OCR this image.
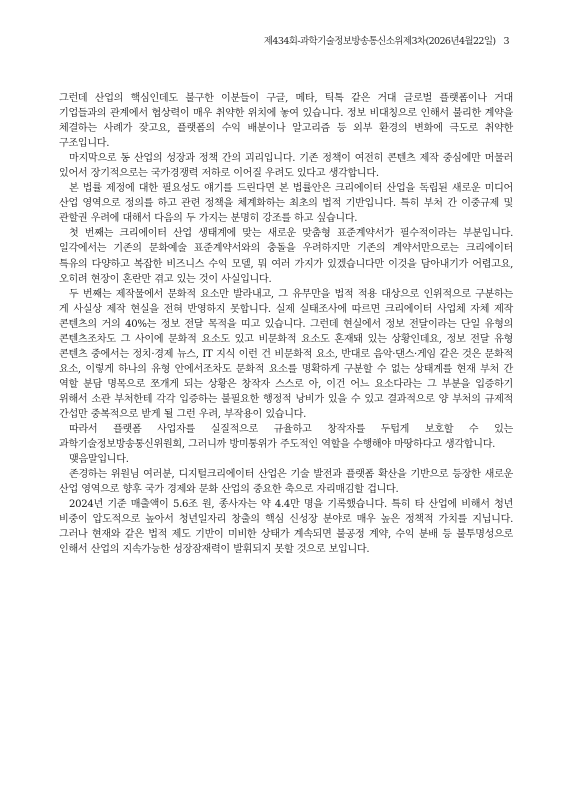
제434회-과학기술정보방송통신소위제3차(2026년4월22일) 3

그런데 산업의 핵심인데도 불구한 이분들이 구글, 메타, 틱톡 같은 거대 글로벌 플랫폼이나 거대 기업들과의 관계에서 협상력이 매우 취약한 위치에 놓여 있습니다. 정보 비대칭으로 인해서 불리한 계약을 체결하는 사례가 잦고요, 플랫폼의 수익 배분이나 알고리즘 등 외부 환경의 변화에 극도로 취약한 구조입니다.

마지막으로 동 산업의 성장과 정책 간의 괴리입니다. 기존 정책이 여전히 콘텐츠 제작 중심에만 머물러 있어서 장기적으로는 국가경쟁력 저하로 이어질 우려도 있다고 생각합니다.

본 법률 제정에 대한 필요성도 얘기를 드린다면 본 법률안은 크리에이터 산업을 독립된 새로운 미디어 산업 영역으로 정의를 하고 관련 정책을 체계화하는 최초의 법적 기반입니다. 특히 부처 간 이중규제 및 관할권 우려에 대해서 다음의 두 가지는 분명히 강조를 하고 싶습니다.

첫 번째는 크리에이터 산업 생태계에 맞는 새로운 맞춤형 표준계약서가 필수적이라는 부분입니다. 일각에서는 기존의 문화예술 표준계약서와의 충돌을 우려하지만 기존의 계약서만으로는 크리에이터 특유의 다양하고 복잡한 비즈니스 수익 모델, 뭐 여러 가지가 있겠습니다만 이것을 담아내기가 어렵고요, 오히려 현장이 혼란만 겪고 있는 것이 사실입니다.

두 번째는 제작물에서 문화적 요소만 발라내고, 그 유무만을 법적 적용 대상으로 인위적으로 구분하는 게 사실상 제작 현실을 전혀 반영하지 못합니다. 실제 실태조사에 따르면 크리에이터 사업체 자체 제작 콘텐츠의 거의 40%는 정보 전달 목적을 띠고 있습니다. 그런데 현실에서 정보 전달이라는 단일 유형의 콘텐츠조차도 그 사이에 문화적 요소도 있고 비문화적 요소도 혼재돼 있는 상황인데요, 정보 전달 유형 콘텐츠 중에서는 정치·경제 뉴스, IT 지식 이런 건 비문화적 요소, 반대로 음악·댄스·게임 같은 것은 문화적 요소, 이렇게 하나의 유형 안에서조차도 문화적 요소를 명확하게 구분할 수 없는 상태계를 현재 부처 간 역할 분담 명목으로 쪼개게 되는 상황은 창작자 스스로 아, 이건 어느 요소다라는 그 부분을 입증하기 위해서 소관 부처한테 각각 입증하는 불필요한 행정적 낭비가 있을 수 있고 결과적으로 양 부처의 규제적 간섭만 중복적으로 받게 될 그런 우려, 부작용이 있습니다.

따라서 플랫폼 사업자를 실질적으로 규율하고 창작자를 두텁게 보호할 수 있는 과학기술정보방송통신위원회, 그러니까 방미통위가 주도적인 역할을 수행해야 마땅하다고 생각합니다.

맺음말입니다.

존경하는 위원님 여러분, 디지털크리에이터 산업은 기술 발전과 플랫폼 확산을 기반으로 등장한 새로운 산업 영역으로 향후 국가 경제와 문화 산업의 중요한 축으로 자리매김할 겁니다.

2024년 기준 매출액이 5.6조 원, 종사자는 약 4.4만 명을 기록했습니다. 특히 타 산업에 비해서 청년 비중이 압도적으로 높아서 청년일자리 창출의 핵심 신성장 분야로 매우 높은 정책적 가치를 지닙니다. 그러나 현재와 같은 법적 제도 기반이 미비한 상태가 계속되면 불공정 계약, 수익 분배 등 불투명성으로 인해서 산업의 지속가능한 성장잠재력이 발휘되지 못할 것으로 보입니다.
